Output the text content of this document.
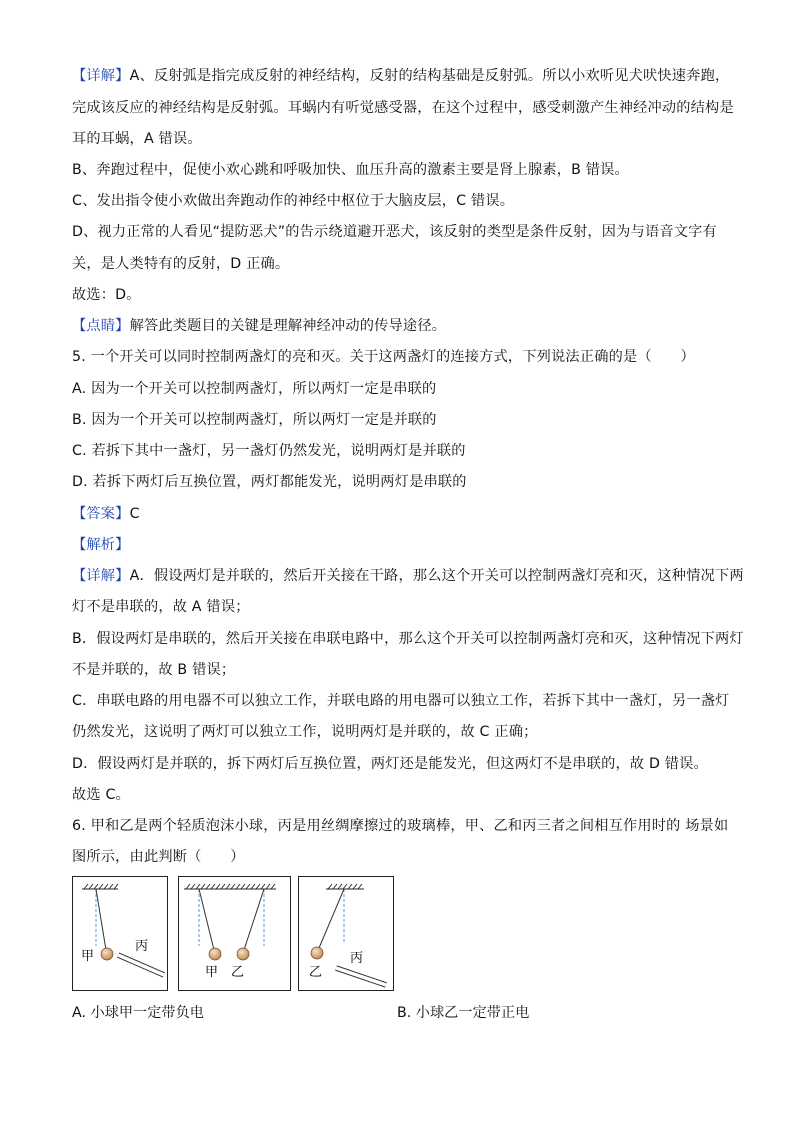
【详解】A、反射弧是指完成反射的神经结构，反射的结构基础是反射弧。所以小欢听见犬吠快速奔跑，
完成该反应的神经结构是反射弧。耳蜗内有听觉感受器，在这个过程中，感受刺激产生神经冲动的结构是
耳的耳蜗，A 错误。
B、奔跑过程中，促使小欢心跳和呼吸加快、血压升高的激素主要是肾上腺素，B 错误。
C、发出指令使小欢做出奔跑动作的神经中枢位于大脑皮层，C 错误。
D、视力正常的人看见“提防恶犬”的告示绕道避开恶犬，该反射的类型是条件反射，因为与语音文字有
关，是人类特有的反射，D 正确。
故选：D。
【点睛】解答此类题目的关键是理解神经冲动的传导途径。
5. 一个开关可以同时控制两盏灯的亮和灭。关于这两盏灯的连接方式，下列说法正确的是（　　）
A. 因为一个开关可以控制两盏灯，所以两灯一定是串联的
B. 因为一个开关可以控制两盏灯，所以两灯一定是并联的
C. 若拆下其中一盏灯，另一盏灯仍然发光，说明两灯是并联的
D. 若拆下两灯后互换位置，两灯都能发光，说明两灯是串联的
【答案】C
【解析】
【详解】A．假设两灯是并联的，然后开关接在干路，那么这个开关可以控制两盏灯亮和灭，这种情况下两
灯不是串联的，故 A 错误；
B．假设两灯是串联的，然后开关接在串联电路中，那么这个开关可以控制两盏灯亮和灭，这种情况下两灯
不是并联的，故 B 错误；
C．串联电路的用电器不可以独立工作，并联电路的用电器可以独立工作，若拆下其中一盏灯，另一盏灯
仍然发光，这说明了两灯可以独立工作，说明两灯是并联的，故 C 正确；
D．假设两灯是并联的，拆下两灯后互换位置，两灯还是能发光，但这两灯不是串联的，故 D 错误。
故选 C。
6. 甲和乙是两个轻质泡沫小球，丙是用丝绸摩擦过的玻璃棒，甲、乙和丙三者之间相互作用时的 场景如
图所示，由此判断（　　）
甲
丙
甲 乙	乙
丙
A. 小球甲一定带负电	B. 小球乙一定带正电
